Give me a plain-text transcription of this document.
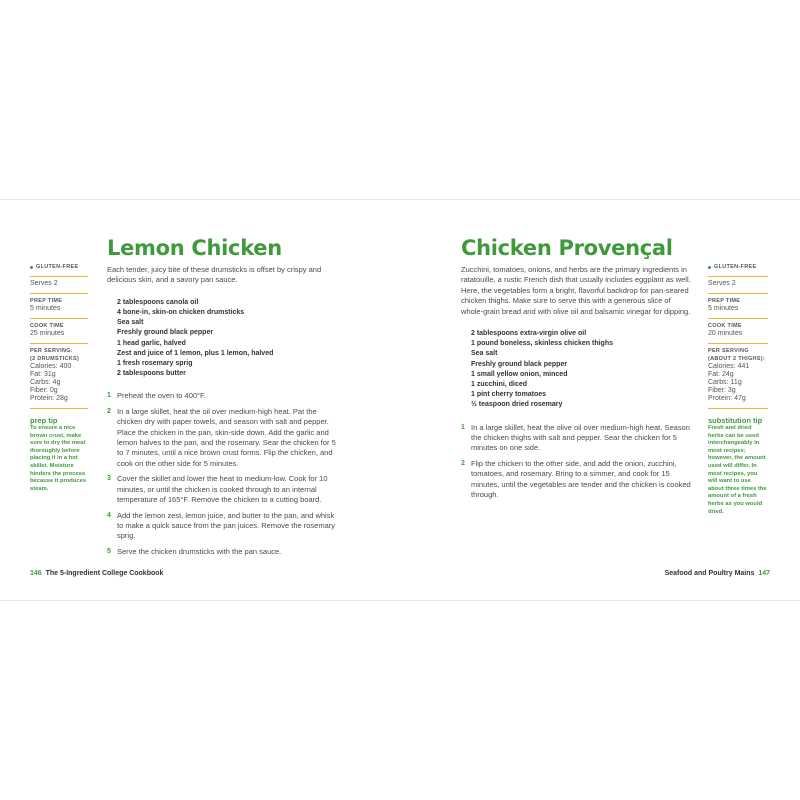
GLUTEN-FREE
Serves 2
PREP TIME
5 minutes
COOK TIME
25 minutes
PER SERVING:
(2 DRUMSTICKS)
Calories: 400
Fat: 31g
Carbs: 4g
Fiber: 0g
Protein: 28g
prep tip
To ensure a nice brown crust, make sure to dry the meat thoroughly before placing it in a hot skillet. Moisture hinders the process because it produces steam.
Lemon Chicken
Each tender, juicy bite of these drumsticks is offset by crispy and delicious skin, and a savory pan sauce.
2 tablespoons canola oil
4 bone-in, skin-on chicken drumsticks
Sea salt
Freshly ground black pepper
1 head garlic, halved
Zest and juice of 1 lemon, plus 1 lemon, halved
1 fresh rosemary sprig
2 tablespoons butter
1 Preheat the oven to 400°F.
2 In a large skillet, heat the oil over medium-high heat. Pat the chicken dry with paper towels, and season with salt and pepper. Place the chicken in the pan, skin-side down. Add the garlic and lemon halves to the pan, and the rosemary. Sear the chicken for 5 to 7 minutes, until a nice brown crust forms. Flip the chicken, and cook on the other side for 5 minutes.
3 Cover the skillet and lower the heat to medium-low. Cook for 10 minutes, or until the chicken is cooked through to an internal temperature of 165°F. Remove the chicken to a cutting board.
4 Add the lemon zest, lemon juice, and butter to the pan, and whisk to make a quick sauce from the pan juices. Remove the rosemary sprig.
5 Serve the chicken drumsticks with the pan sauce.
146 The 5-Ingredient College Cookbook
Chicken Provençal
Zucchini, tomatoes, onions, and herbs are the primary ingredients in ratatouille, a rustic French dish that usually includes eggplant as well. Here, the vegetables form a bright, flavorful backdrop for pan-seared chicken thighs. Make sure to serve this with a generous slice of whole-grain bread and with olive oil and balsamic vinegar for dipping.
2 tablespoons extra-virgin olive oil
1 pound boneless, skinless chicken thighs
Sea salt
Freshly ground black pepper
1 small yellow onion, minced
1 zucchini, diced
1 pint cherry tomatoes
½ teaspoon dried rosemary
1 In a large skillet, heat the olive oil over medium-high heat. Season the chicken thighs with salt and pepper. Sear the chicken for 5 minutes on one side.
2 Flip the chicken to the other side, and add the onion, zucchini, tomatoes, and rosemary. Bring to a simmer, and cook for 15 minutes, until the vegetables are tender and the chicken is cooked through.
GLUTEN-FREE
Serves 2
PREP TIME
5 minutes
COOK TIME
20 minutes
PER SERVING
(ABOUT 2 THIGHS):
Calories: 441
Fat: 24g
Carbs: 11g
Fiber: 3g
Protein: 47g
substitution tip
Fresh and dried herbs can be used interchangeably in most recipes; however, the amount used will differ. In most recipes, you will want to use about three times the amount of a fresh herbs as you would dried.
Seafood and Poultry Mains 147
